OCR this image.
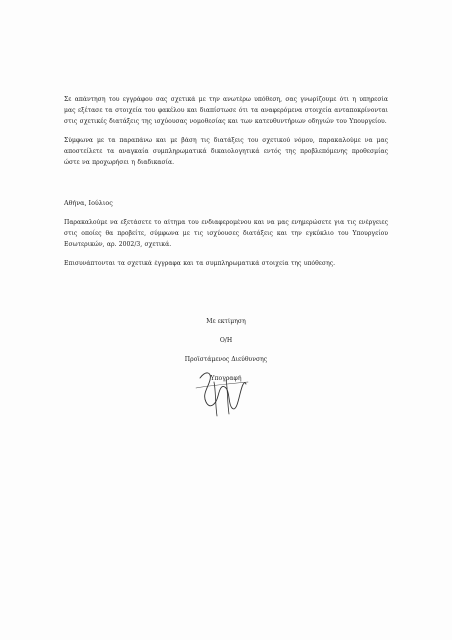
Σε απάντηση του εγγράφου σας σχετικά με την ανωτέρω υπόθεση, σας γνωρίζουμε ότι η υπηρεσία μας εξέτασε τα στοιχεία του φακέλου και διαπίστωσε ότι τα αναφερόμενα στοιχεία ανταποκρίνονται στις σχετικές διατάξεις της ισχύουσας νομοθεσίας και των κατευθυντήριων οδηγιών του Υπουργείου.

Σύμφωνα με τα παραπάνω και με βάση τις διατάξεις του σχετικού νόμου, παρακαλούμε να μας αποστείλετε τα αναγκαία συμπληρωματικά δικαιολογητικά εντός της προβλεπόμενης προθεσμίας ώστε να προχωρήσει η διαδικασία.

Αθήνα, Ιούλιος

Παρακαλούμε να εξετάσετε το αίτημα του ενδιαφερομένου και να μας ενημερώσετε για τις ενέργειες στις οποίες θα προβείτε, σύμφωνα με τις ισχύουσες διατάξεις και την εγκύκλιο του Υπουργείου Εσωτερικών, αρ. 2002/3, σχετικά.

Επισυνάπτονται τα σχετικά έγγραφα και τα συμπληρωματικά στοιχεία της υπόθεσης.

Με εκτίμηση
Ο/Η
Προϊστάμενος Διεύθυνσης
Υπογραφή
